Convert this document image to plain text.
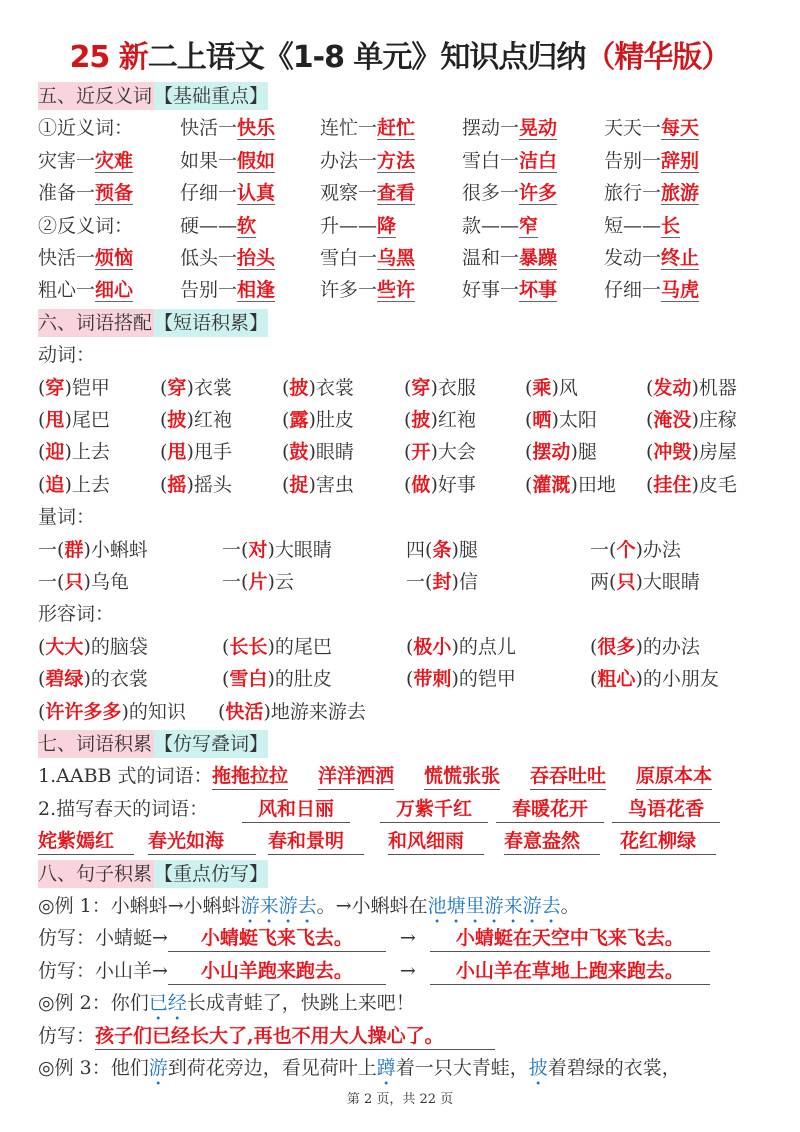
25 新二上语文《1-8 单元》知识点归纳（精华版）
五、近反义词 【基础重点】
①近义词： 快活一快乐 连忙一赶忙 摆动一晃动 天天一每天
灾害一灾难 如果一假如 办法一方法 雪白一洁白 告别一辞别
准备一预备 仔细一认真 观察一查看 很多一许多 旅行一旅游
②反义词： 硬——软	升——降	款——窄	短——长
快活一烦恼 低头一抬头 雪白一乌黑 温和一暴躁 发动一终止
粗心一细心 告别一相逢 许多一些许 好事一坏事 仔细一马虎
六、词语搭配 【短语积累】
动词：
(穿)铠甲	(穿)衣裳	(披)衣裳	(穿)衣服	(乘)风	(发动)机器
(甩)尾巴	(披)红袍	(露)肚皮	(披)红袍	(晒)太阳	(淹没)庄稼
(迎)上去	(甩)甩手	(鼓)眼睛	(开)大会	(摆动)腿	(冲毁)房屋
(追)上去	(摇)摇头	(捉)害虫	(做)好事	(灌溉)田地 (挂住)皮毛
量词：
一(群)小蝌蚪	一(对)大眼睛	四(条)腿	一(个)办法
一(只)乌龟	一(片)云	一(封)信	两(只)大眼睛
形容词：
(大大)的脑袋	(长长)的尾巴	(极小)的点儿	(很多)的办法
(碧绿)的衣裳	(雪白)的肚皮	(带刺)的铠甲	(粗心)的小朋友
(许许多多)的知识 (快活)地游来游去
七、词语积累 【仿写叠词】
1.AABB 式的词语： 拖拖拉拉 洋洋洒洒 慌慌张张 吞吞吐吐 原原本本
2.描写春天的词语：	风和日丽	万紫千红	春暖花开	鸟语花香
姹紫嫣红	春光如海	春和景明	和风细雨	春意盎然	花红柳绿
八、句子积累 【重点仿写】
◎例 1：小蝌蚪→小蝌蚪游来游去。→小蝌蚪在池塘里游来游去。
仿写：小蜻蜓→ 小蜻蜓飞来飞去。 → 小蜻蜓在天空中飞来飞去。
仿写：小山羊→ 小山羊跑来跑去。 → 小山羊在草地上跑来跑去。
◎例 2：你们已经长成青蛙了，快跳上来吧！
仿写：孩子们已经长大了,再也不用大人操心了。
◎例 3：他们游到荷花旁边，看见荷叶上蹲着一只大青蛙，披着碧绿的衣裳，
第 2 页，共 22 页
